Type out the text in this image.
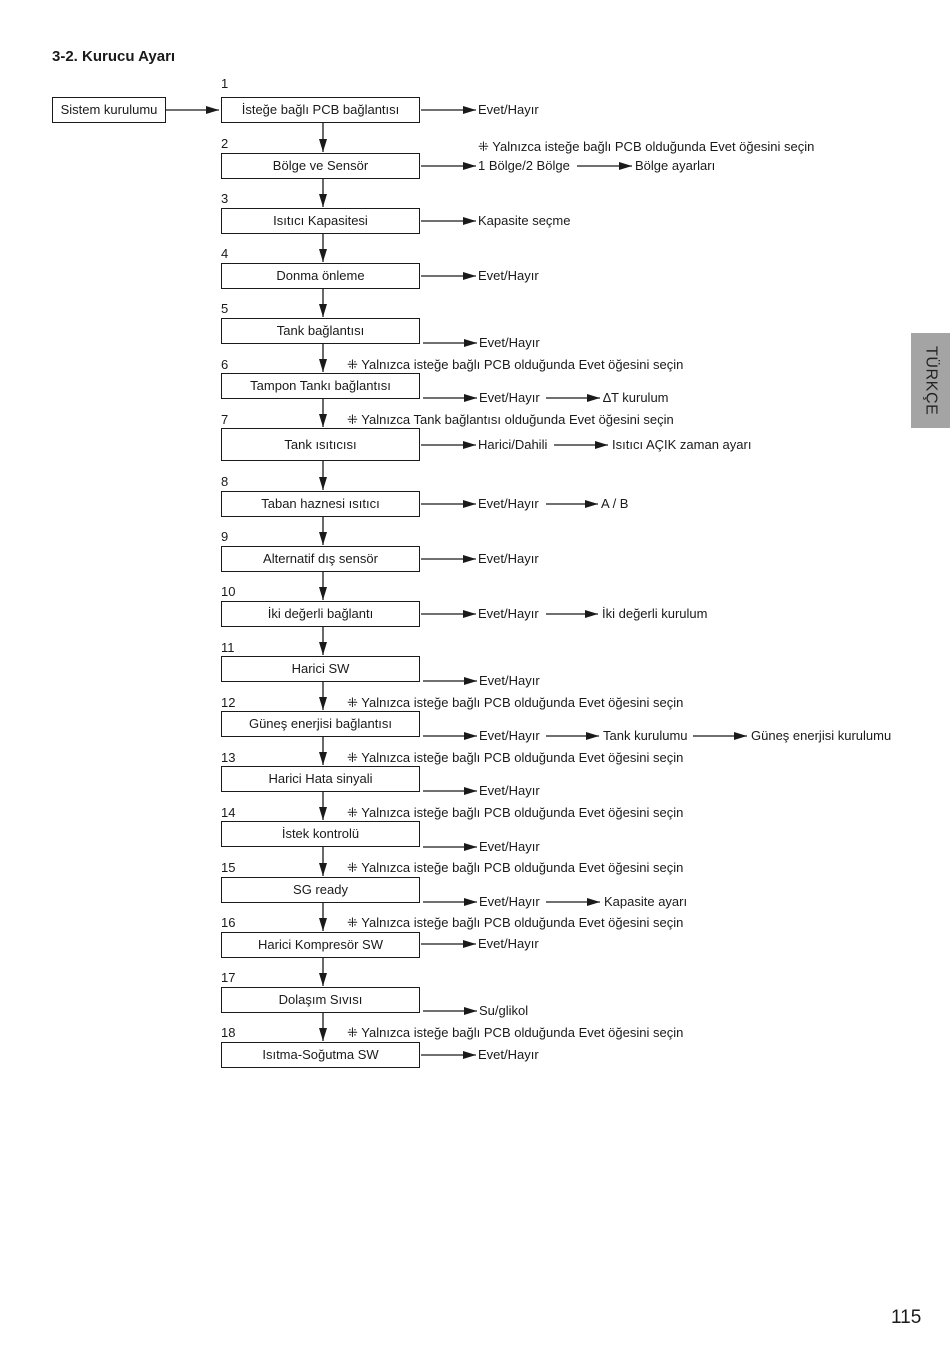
3-2. Kurucu Ayarı
Sistem kurulumu
1
İsteğe bağlı PCB bağlantısı	Evet/Hayır
2	⁜ Yalnızca isteğe bağlı PCB olduğunda Evet öğesini seçin
Bölge ve Sensör	1 Bölge/2 Bölge	Bölge ayarları
3
Isıtıcı Kapasitesi	Kapasite seçme
4
Donma önleme	Evet/Hayır
5
Tank bağlantısı
Evet/Hayır
6	⁜ Yalnızca isteğe bağlı PCB olduğunda Evet öğesini seçin
Tampon Tankı bağlantısı
Evet/Hayır	∆T kurulum
7	⁜ Yalnızca Tank bağlantısı olduğunda Evet öğesini seçin
Tank ısıtıcısı	Harici/Dahili	Isıtıcı AÇIK zaman ayarı
8
Taban haznesi ısıtıcı	Evet/Hayır	A / B
9
Alternatif dış sensör	Evet/Hayır
10
İki değerli bağlantı	Evet/Hayır	İki değerli kurulum
11
Harici SW
Evet/Hayır
12	⁜ Yalnızca isteğe bağlı PCB olduğunda Evet öğesini seçin
Güneş enerjisi bağlantısı
Evet/Hayır	Tank kurulumu	Güneş enerjisi kurulumu
13	⁜ Yalnızca isteğe bağlı PCB olduğunda Evet öğesini seçin
Harici Hata sinyali
Evet/Hayır
14	⁜ Yalnızca isteğe bağlı PCB olduğunda Evet öğesini seçin
İstek kontrolü
Evet/Hayır
15	⁜ Yalnızca isteğe bağlı PCB olduğunda Evet öğesini seçin
SG ready
Evet/Hayır	Kapasite ayarı
16	⁜ Yalnızca isteğe bağlı PCB olduğunda Evet öğesini seçin
Harici Kompresör SW	Evet/Hayır
17
Dolaşım Sıvısı
Su/glikol
18	⁜ Yalnızca isteğe bağlı PCB olduğunda Evet öğesini seçin
Isıtma-Soğutma SW	Evet/Hayır
TÜRKÇE
115
